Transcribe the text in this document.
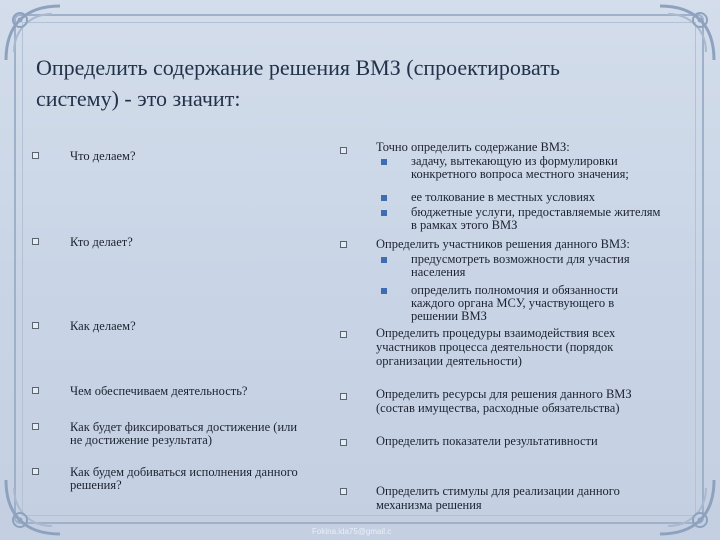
Определить содержание решения ВМЗ (спроектировать
систему) - это значит:
Что делаем?
Кто делает?
Как делаем?
Чем обеспечиваем деятельность?
Как будет фиксироваться достижение (или
не достижение результата)
Как будем добиваться исполнения данного
решения?
Точно определить содержание ВМЗ:
задачу, вытекающую из формулировки
конкретного вопроса местного значения;
ее толкование в местных условиях
бюджетные услуги, предоставляемые жителям
в рамках этого ВМЗ
Определить участников решения данного ВМЗ:
предусмотреть возможности для участия
населения
определить полномочия и обязанности
каждого органа МСУ, участвующего в
решении ВМЗ
Определить процедуры взаимодействия всех
участников процесса деятельности (порядок
организации деятельности)
Определить ресурсы для решения данного ВМЗ
(состав имущества, расходные обязательства)
Определить показатели результативности
Определить стимулы для реализации данного
механизма решения
Fokina.ida75@gmail.c
